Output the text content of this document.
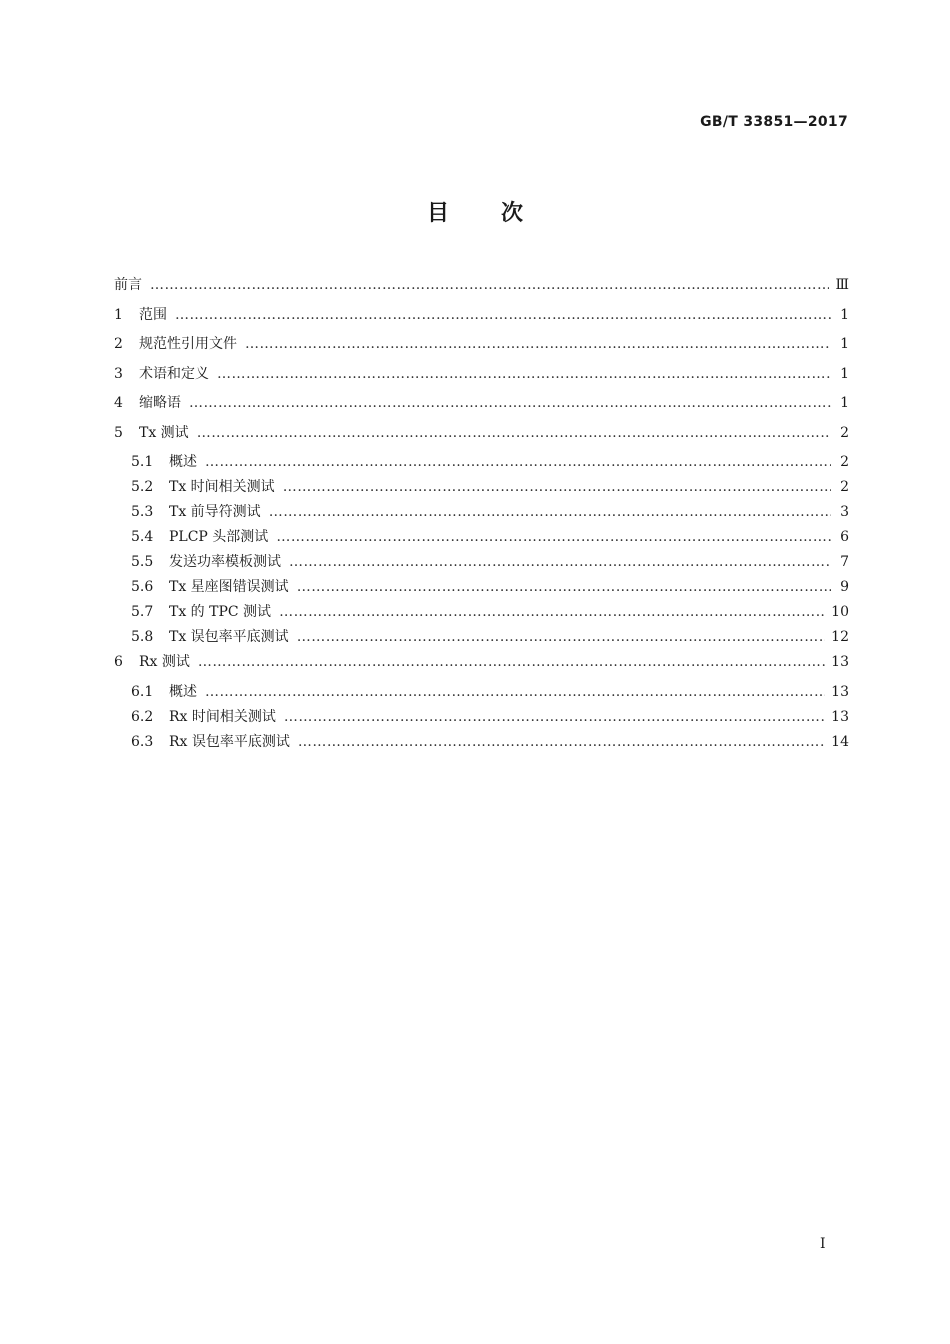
GB/T 33851—2017
目 次
前言 …………………………………………………………………………………………………………………………………………………………………………	Ⅲ
1	范围 …………………………………………………………………………………………………………………………………………………………………………	1
2	规范性引用文件 …………………………………………………………………………………………………………………………………………………………………………	1
3	术语和定义 …………………………………………………………………………………………………………………………………………………………………………	1
4	缩略语 …………………………………………………………………………………………………………………………………………………………………………	1
5	Tx 测试 …………………………………………………………………………………………………………………………………………………………………………	2
5.1	概述 …………………………………………………………………………………………………………………………………………………………………………	2
5.2	Tx 时间相关测试 …………………………………………………………………………………………………………………………………………………………………………	2
5.3	Tx 前导符测试 …………………………………………………………………………………………………………………………………………………………………………	3
5.4	PLCP 头部测试 …………………………………………………………………………………………………………………………………………………………………………	6
5.5	发送功率模板测试 …………………………………………………………………………………………………………………………………………………………………………	7
5.6	Tx 星座图错误测试 …………………………………………………………………………………………………………………………………………………………………………	9
5.7	Tx 的 TPC 测试 …………………………………………………………………………………………………………………………………………………………………………	10
5.8	Tx 误包率平底测试 …………………………………………………………………………………………………………………………………………………………………………	12
6	Rx 测试 …………………………………………………………………………………………………………………………………………………………………………	13
6.1	概述 …………………………………………………………………………………………………………………………………………………………………………	13
6.2	Rx 时间相关测试 …………………………………………………………………………………………………………………………………………………………………………	13
6.3	Rx 误包率平底测试 …………………………………………………………………………………………………………………………………………………………………………	14
I
